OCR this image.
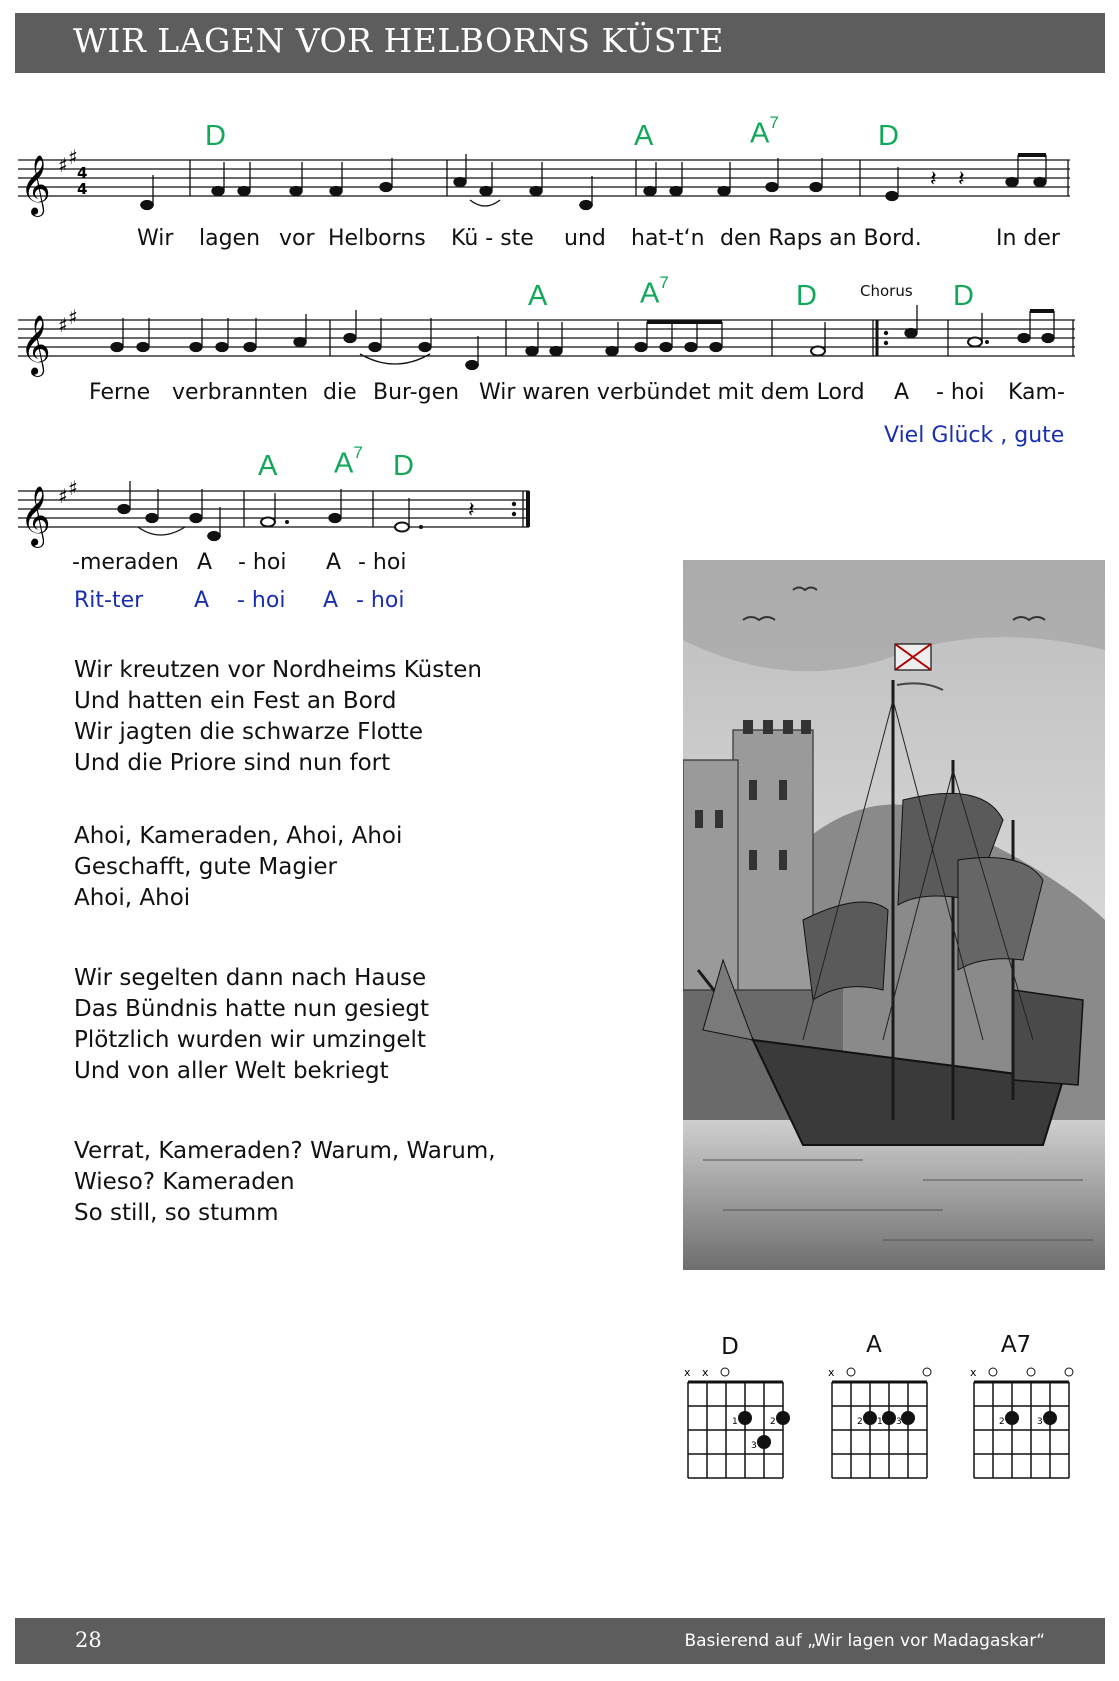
WIR LAGEN VOR HELBORNS KÜSTE
D	A	$A^7$	D
𝄞 ♯ ♯
4
4	𝄽 𝄽
Wir lagen vor Helborns Kü - ste und hat-t‘n den Raps an Bord.	In der
A	$A^7$	D	Chorus D
𝄞 ♯ ♯
Ferne verbrannten die Bur-gen Wir waren verbündet mit dem Lord A - hoi Kam-
Viel Glück , gute
A $A^7$ D
𝄞 ♯ ♯
𝄽
-meraden A - hoi A - hoi
Rit-ter A - hoi A - hoi
Wir kreutzen vor Nordheims Küsten
Und hatten ein Fest an Bord
Wir jagten die schwarze Flotte
Und die Priore sind nun fort
Ahoi, Kameraden, Ahoi, Ahoi
Geschafft, gute Magier
Ahoi, Ahoi
Wir segelten dann nach Hause
Das Bündnis hatte nun gesiegt
Plötzlich wurden wir umzingelt
Und von aller Welt bekriegt
Verrat, Kameraden? Warum, Warum,
Wieso? Kameraden
So still, so stumm
D
x x
1	2
3
A
x
2 1 3
A7
x
2	3
28	Basierend auf „Wir lagen vor Madagaskar“
